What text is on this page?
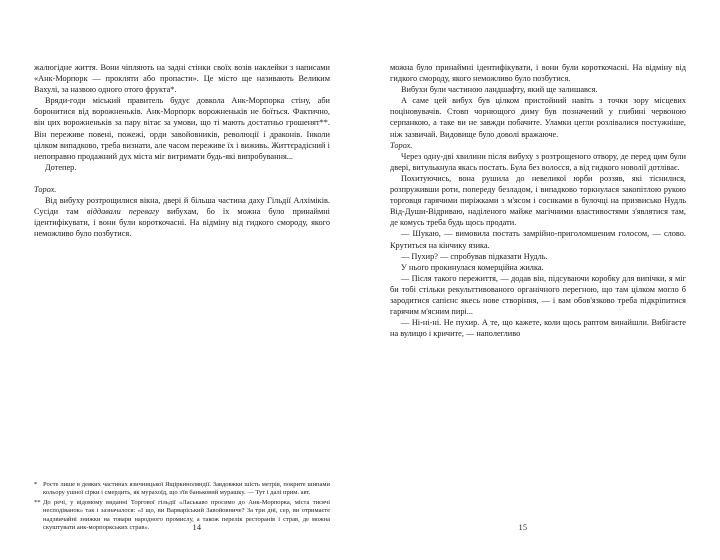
жалюгідне життя. Вони чіпляють на задні стінки своїх возів наклейки з написами «Анк-Морпорк — прокляти або пропасти». Це місто ще називають Великим Вахулі, за назвою одного отого фрукта*.

Вряди-годи міський правитель будує довкола Анк-Морпорка стіну, аби боронитися від ворожненьків. Анк-Морпорк ворожненьків не боїться. Фактично, він цих ворожненьків за пару вітає за умови, що ті мають достатньо грошенят**. Він переживе повені, пожежі, орди завойовників, революції і драконів. Інколи цілком випадково, треба визнати, але часом переживе їх і виживь. Життєрадісний і непоправно продажний дух міста міг витримати будь-які випробування...

Дотепер.

Торох.

Від вибуху розтрощилися вікна, двері й більша частина даху Гільдії Алхіміків. Сусіди там віддавали перевагу вибухам, бо їх можна було принаймні ідентифікувати, і вони були короткочасні. На відміну від гидкого смороду, якого неможливо було позбутися.

* Росте лише в деяких частинах язичницької Ящіркиноляндії. Завдовжки шість метрів, покрите шипами кольору ушної сірки і смердить, як мурахоїд, що з'їв баньковий мурашку. — Тут і далі прим. авт.

** До речі, у відомому виданні Торгової гільдії «Ласькаво просимо до Анк-Морпорка, міста тисячі несподіванок» так і зазначалося: «І що, ви Варваріський Завойовниче? За три дні, сер, ви отримаєте надзвичайні знижки на товари народного промислу, а також перелік ресторанів і страв, де можна скуштувати анк-морпоркських страв».	14

можна було принаймні ідентифікувати, і вони були короткочасні. На відміну від гидкого смороду, якого неможливо було позбутися.

Вибухи були частиною ландшафту, який ще залишався.

А саме цей вибух був цілком пристойний навіть з точки зору місцевих поціновувачів. Стовп чорнющого диму був позначений у глибині червоною серпанкою, а таке ви не завжди побачите. Уламки цегли розлівалися постужніше, ніж зазвичай. Видовище було доволі вражаюче.

Торох.

Через одну-дві хвилини після вибуху з розтрощеного отвору, де перед цим були двері, витулькнула якась постать. Була без волосся, а від гидкого новолії дотліває.

Похитуючись, вона рушила до невеликої юрби роззяв, які тіснилися, розпруживши роти, попереду безладом, і випадково торкнулася закопітлою рукою торговця гарячими пиріжками з м'ясом і соснками в булочці на призвисько Нудль Від-Души-Відриваю, наділеного майже магічними властивостями з'являтися там, де комусь треба будь щось продати.

— Шукаю, — вимовила постать замрійно-приголомшеним голосом, — слово. Крутиться на кінчику язика.

— Пухир? — спробував підказати Нудль.

У нього прокинулася комерційна жилка.

— Після такого пережиття, — додав він, підсуваючи коробку для випічки, я міг би тобі стільки рекульттивованого органічного перегною, що там цілком могло б зародитися сапієнс якесь нове створіння, — і вам обов'язково треба підкріпитися гарячим м'ясним пирі...

— Ні-ні-ні. Не пухир. А те, що кажете, коли щось раптом винайшли. Вибігаєте на вулицю і кричите, — наполегливо

15
